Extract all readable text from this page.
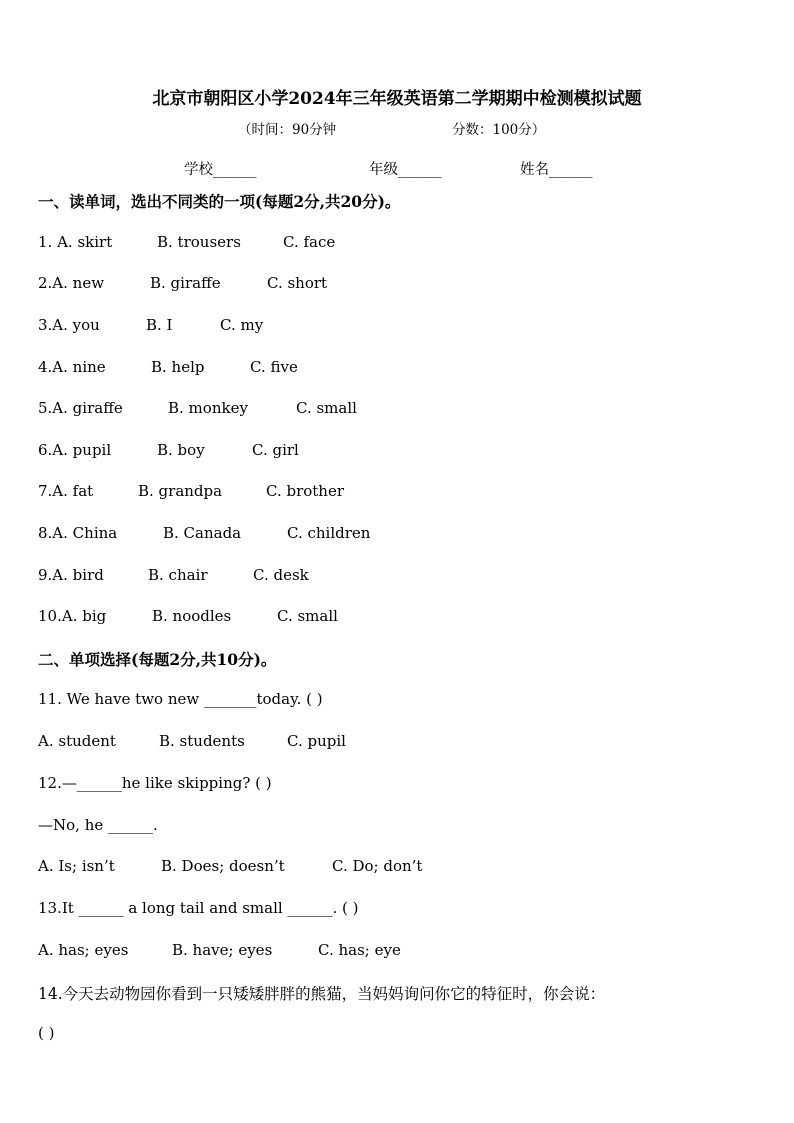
北京市朝阳区小学2024年三年级英语第二学期期中检测模拟试题
（时间：90分钟	分数：100分）
学校______	年级______	姓名______
一、读单词，选出不同类的一项(每题2分,共20分)。
1. A. skirt	B. trousers	C. face
2.A. new	B. giraffe	C. short
3.A. you	B. I	C. my
4.A. nine	B. help	C. five
5.A. giraffe	B. monkey	C. small
6.A. pupil	B. boy	C. girl
7.A. fat	B. grandpa	C. brother
8.A. China	B. Canada	C. children
9.A. bird	B. chair	C. desk
10.A. big	B. noodles	C. small
二、单项选择(每题2分,共10分)。
11. We have two new _______today. ( )
A. student	B. students	C. pupil
12.—______he like skipping? ( )
—No, he ______.
A. Is; isn’t	B. Does; doesn’t	C. Do; don’t
13.It ______ a long tail and small ______. ( )
A. has; eyes	B. have; eyes	C. has; eye
14.今天去动物园你看到一只矮矮胖胖的熊猫，当妈妈询问你它的特征时，你会说：
( )
